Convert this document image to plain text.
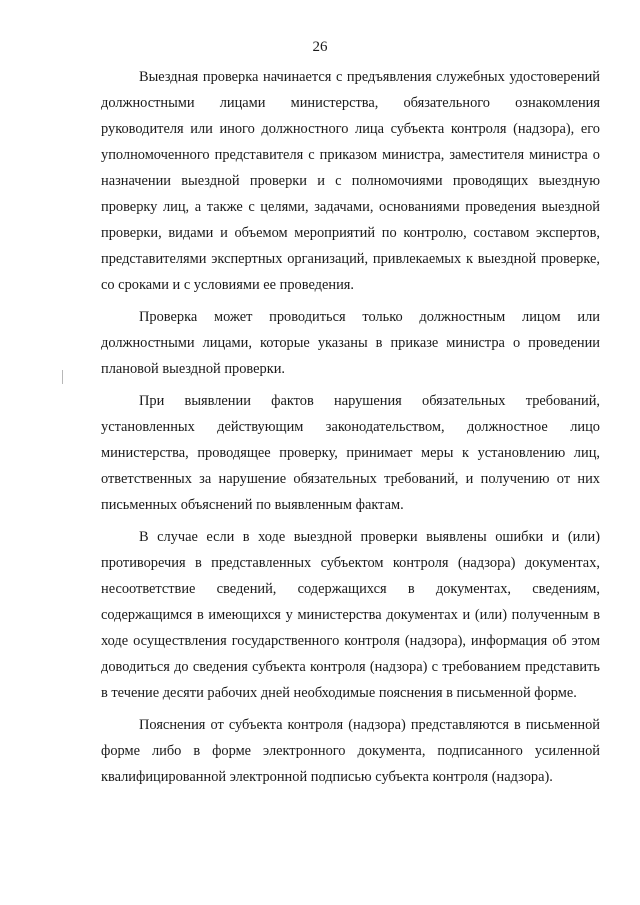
26

Выездная проверка начинается с предъявления служебных удостоверений должностными лицами министерства, обязательного ознакомления руководителя или иного должностного лица субъекта контроля (надзора), его уполномоченного представителя с приказом министра, заместителя министра о назначении выездной проверки и с полномочиями проводящих выездную проверку лиц, а также с целями, задачами, основаниями проведения выездной проверки, видами и объемом мероприятий по контролю, составом экспертов, представителями экспертных организаций, привлекаемых к выездной проверке, со сроками и с условиями ее проведения.

Проверка может проводиться только должностным лицом или должностными лицами, которые указаны в приказе министра о проведении плановой выездной проверки.

При выявлении фактов нарушения обязательных требований, установленных действующим законодательством, должностное лицо министерства, проводящее проверку, принимает меры к установлению лиц, ответственных за нарушение обязательных требований, и получению от них письменных объяснений по выявленным фактам.

В случае если в ходе выездной проверки выявлены ошибки и (или) противоречия в представленных субъектом контроля (надзора) документах, несоответствие сведений, содержащихся в документах, сведениям, содержащимся в имеющихся у министерства документах и (или) полученным в ходе осуществления государственного контроля (надзора), информация об этом доводиться до сведения субъекта контроля (надзора) с требованием представить в течение десяти рабочих дней необходимые пояснения в письменной форме.

Пояснения от субъекта контроля (надзора) представляются в письменной форме либо в форме электронного документа, подписанного усиленной квалифицированной электронной подписью субъекта контроля (надзора).
